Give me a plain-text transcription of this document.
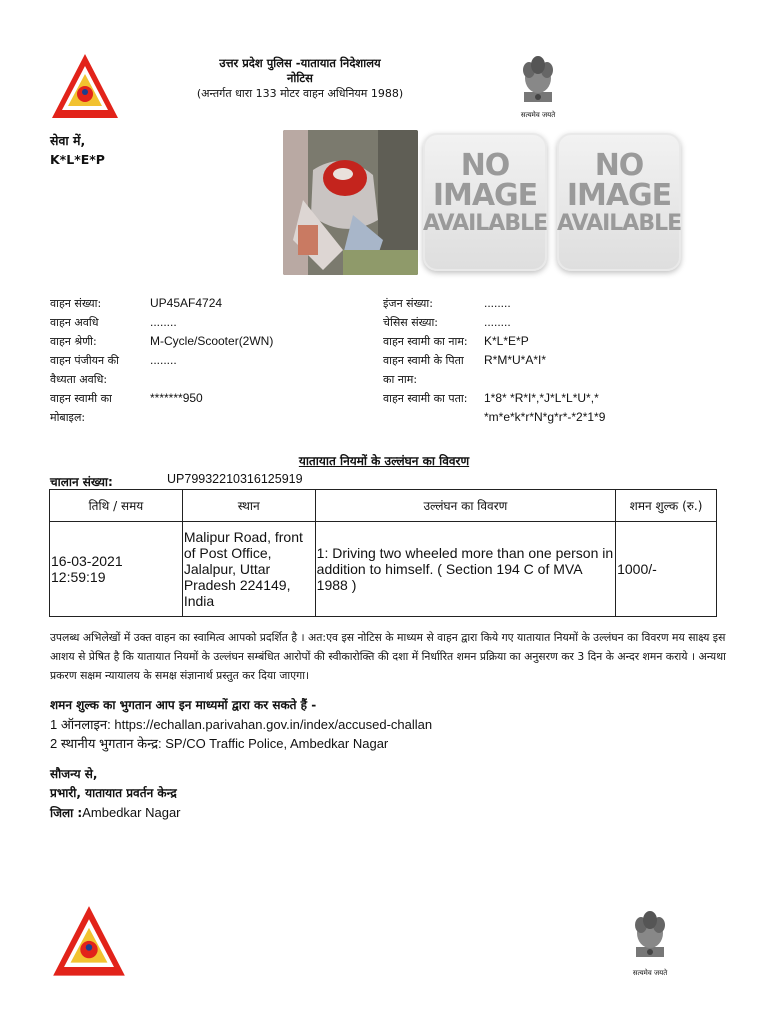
उत्तर प्रदेश पुलिस -यातायात निदेशालय
नोटिस
(अन्तर्गत धारा 133 मोटर वाहन अधिनियम 1988)
सत्यमेव जयते
सेवा में,
K*L*E*P	NO
IMAGE
AVAILABLE
NO
IMAGE
AVAILABLE
वाहन संख्या:	UP45AF4724
वाहन अवधि	........
वाहन श्रेणी:	M-Cycle/Scooter(2WN)
वाहन पंजीयन की	........
वैध्यता अवधि:
वाहन स्वामी का	*******950
मोबाइल:
इंजन संख्या:	........
चेसिस संख्या:	........
वाहन स्वामी का नाम: K*L*E*P
वाहन स्वामी के पिता R*M*U*A*I*
का नाम:
वाहन स्वामी का पता: 1*8* *R*I*,*J*L*L*U*,*
*m*e*k*r*N*g*r*-*2*1*9
यातायात नियमों के उल्लंघन का विवरण
चालान संख्या:	UP79932210316125919
तिथि / समय	स्थान	उल्लंघन का विवरण	शमन शुल्क (रु.)

16-03-2021
12:59:19	Malipur Road, front of Post Office, Jalalpur, Uttar Pradesh 224149, India	1: Driving two wheeled more than one person in addition to himself. ( Section 194 C of MVA 1988 )	1000/-
उपलब्ध अभिलेखों में उक्त वाहन का स्वामित्व आपको प्रदर्शित है । अत:एव इस नोटिस के माध्यम से वाहन द्वारा किये गए यातायात नियमों के उल्लंघन का विवरण मय साक्ष्य इस आशय से प्रेषित है कि यातायात नियमों के उल्लंघन सम्बंधित आरोपों की स्वीकारोक्ति की दशा में निर्धारित शमन प्रक्रिया का अनुसरण कर 3 दिन के अन्दर शमन कराये । अन्यथा प्रकरण सक्षम न्यायालय के समक्ष संज्ञानार्थ प्रस्तुत कर दिया जाएगा।
शमन शुल्क का भुगतान आप इन माध्यमों द्वारा कर सकते हैं -
1 ऑनलाइन: https://echallan.parivahan.gov.in/index/accused-challan
2 स्थानीय भुगतान केन्द्र: SP/CO Traffic Police, Ambedkar Nagar
सौजन्य से,
प्रभारी, यातायात प्रवर्तन केन्द्र
जिला :Ambedkar Nagar
सत्यमेव जयते
